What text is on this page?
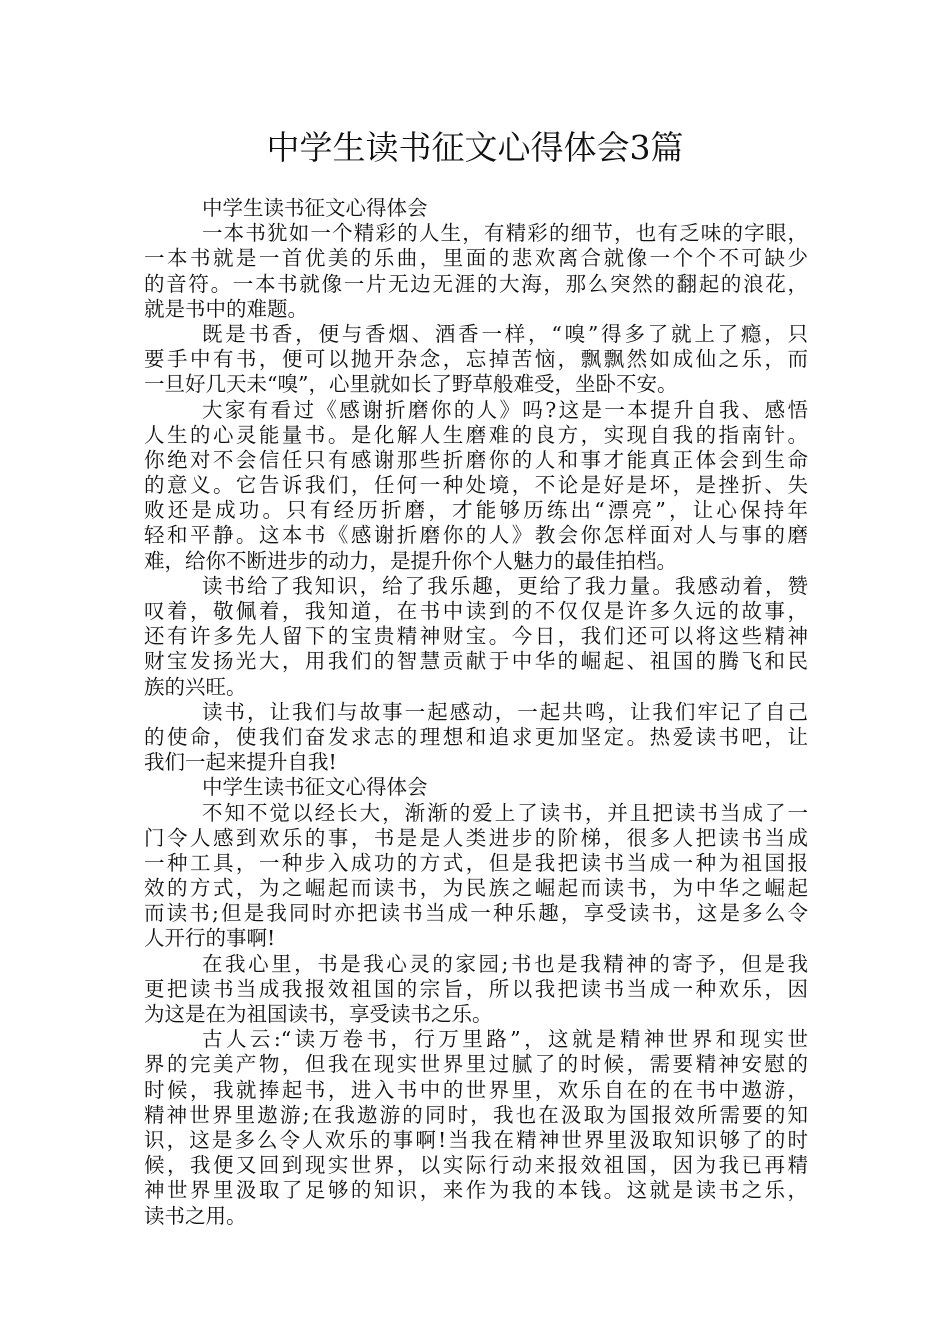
中学生读书征文心得体会3篇

中学生读书征文心得体会

一本书犹如一个精彩的人生，有精彩的细节，也有乏味的字眼，

一本书就是一首优美的乐曲，里面的悲欢离合就像一个个不可缺少

的音符。一本书就像一片无边无涯的大海，那么突然的翻起的浪花，

就是书中的难题。

既是书香，便与香烟、酒香一样，“嗅”得多了就上了瘾，只

要手中有书，便可以抛开杂念，忘掉苦恼，飘飘然如成仙之乐，而

一旦好几天未“嗅”，心里就如长了野草般难受，坐卧不安。

大家有看过《感谢折磨你的人》吗?这是一本提升自我、感悟

人生的心灵能量书。是化解人生磨难的良方，实现自我的指南针。

你绝对不会信任只有感谢那些折磨你的人和事才能真正体会到生命

的意义。它告诉我们，任何一种处境，不论是好是坏，是挫折、失

败还是成功。只有经历折磨，才能够历练出“漂亮”，让心保持年

轻和平静。这本书《感谢折磨你的人》教会你怎样面对人与事的磨

难，给你不断进步的动力，是提升你个人魅力的最佳拍档。

读书给了我知识，给了我乐趣，更给了我力量。我感动着，赞

叹着，敬佩着，我知道，在书中读到的不仅仅是许多久远的故事，

还有许多先人留下的宝贵精神财宝。今日，我们还可以将这些精神

财宝发扬光大，用我们的智慧贡献于中华的崛起、祖国的腾飞和民

族的兴旺。

读书，让我们与故事一起感动，一起共鸣，让我们牢记了自己

的使命，使我们奋发求志的理想和追求更加坚定。热爱读书吧，让

我们一起来提升自我!

中学生读书征文心得体会

不知不觉以经长大，渐渐的爱上了读书，并且把读书当成了一

门令人感到欢乐的事，书是是人类进步的阶梯，很多人把读书当成

一种工具，一种步入成功的方式，但是我把读书当成一种为祖国报

效的方式，为之崛起而读书，为民族之崛起而读书，为中华之崛起

而读书;但是我同时亦把读书当成一种乐趣，享受读书，这是多么令

人开行的事啊!

在我心里，书是我心灵的家园;书也是我精神的寄予，但是我

更把读书当成我报效祖国的宗旨，所以我把读书当成一种欢乐，因

为这是在为祖国读书，享受读书之乐。

古人云:“读万卷书，行万里路”，这就是精神世界和现实世

界的完美产物，但我在现实世界里过腻了的时候，需要精神安慰的

时候，我就捧起书，进入书中的世界里，欢乐自在的在书中遨游，

精神世界里遨游;在我遨游的同时，我也在汲取为国报效所需要的知

识，这是多么令人欢乐的事啊!当我在精神世界里汲取知识够了的时

候，我便又回到现实世界，以实际行动来报效祖国，因为我已再精

神世界里汲取了足够的知识，来作为我的本钱。这就是读书之乐，

读书之用。
